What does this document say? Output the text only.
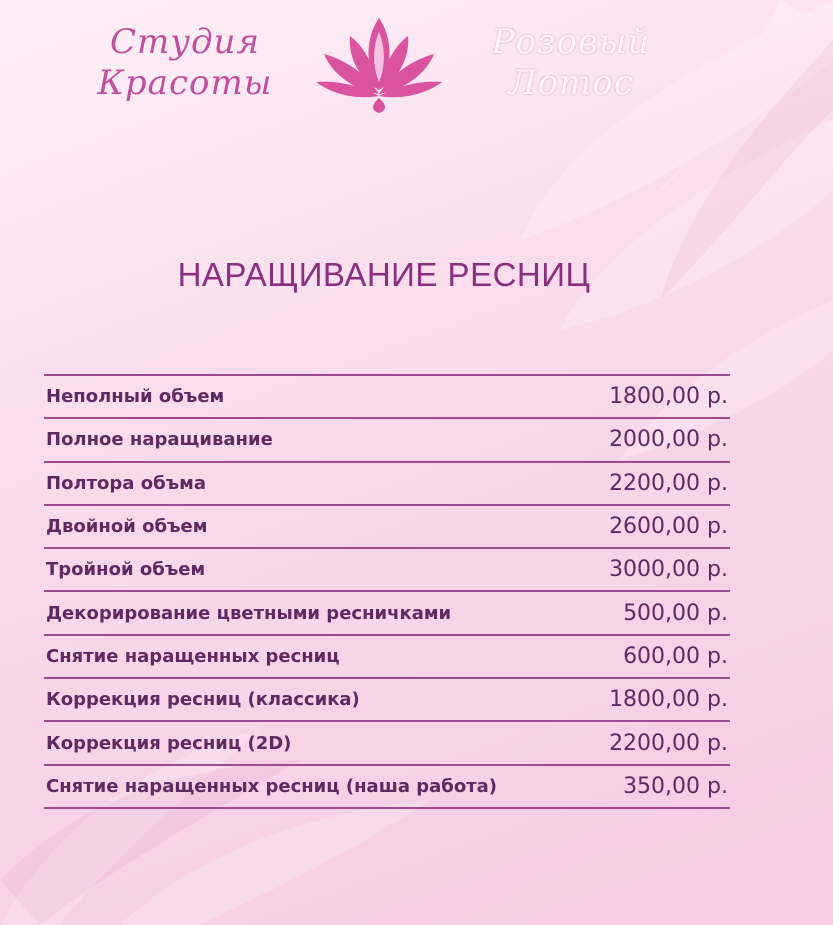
Студия
Красоты
Розовый
Лотос
НАРАЩИВАНИЕ РЕСНИЦ
Неполный объем	1800,00 р.
Полное наращивание	2000,00 р.
Полтора объма	2200,00 р.
Двойной объем	2600,00 р.
Тройной объем	3000,00 р.
Декорирование цветными ресничками	500,00 р.
Снятие наращенных ресниц	600,00 р.
Коррекция ресниц (классика)	1800,00 р.
Коррекция ресниц (2D)	2200,00 р.
Снятие наращенных ресниц (наша работа)	350,00 р.
